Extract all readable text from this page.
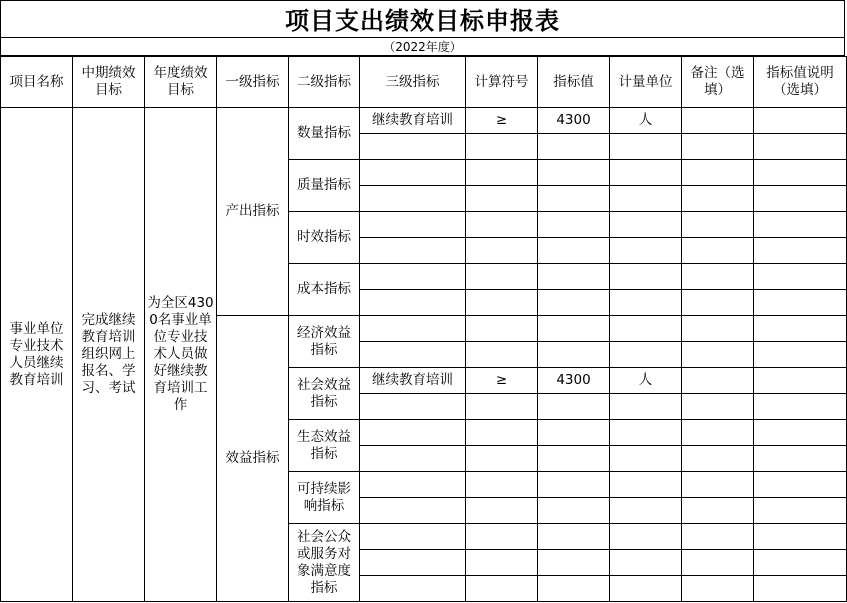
项目支出绩效目标申报表
（2022年度）
项目名称	中期绩效目标	年度绩效目标	一级指标	二级指标	三级指标	计算符号	指标值	计量单位	备注（选填）	指标值说明（选填）
事业单位专业技术人员继续教育培训	完成继续教育培训组织网上报名、学习、考试	为全区4300名事业单位专业技术人员做好继续教育培训工作	产出指标	数量指标	继续教育培训	≥	4300	人		

				质量指标						

				时效指标						

				成本指标						

			效益指标	经济效益指标						

				社会效益指标	继续教育培训	≥	4300	人		

				生态效益指标						

				可持续影响指标						

				社会公众或服务对象满意度指标						
